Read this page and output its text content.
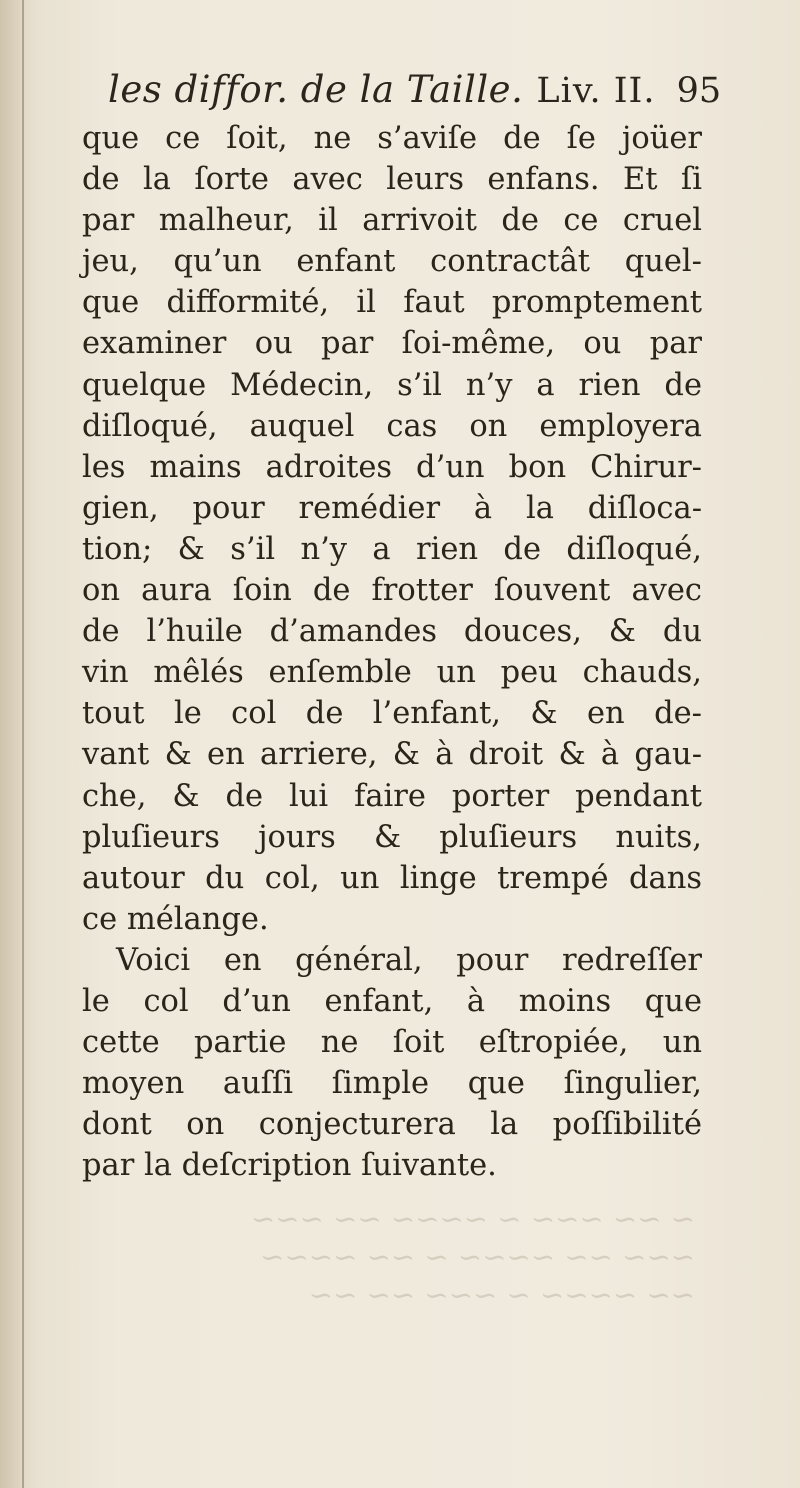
les diffor. de la Taille. Liv. II. 95
que ce ſoit, ne s’aviſe de ſe joüer
de la ſorte avec leurs enfans. Et ſi
par malheur, il arrivoit de ce cruel
jeu, qu’un enfant contractât quel-
que difformité, il faut promptement
examiner ou par ſoi-même, ou par
quelque Médecin, s’il n’y a rien de
diſloqué, auquel cas on employera
les mains adroites d’un bon Chirur-
gien, pour remédier à la diſloca-
tion; & s’il n’y a rien de diſloqué,
on aura ſoin de frotter ſouvent avec
de l’huile d’amandes douces, & du
vin mêlés enſemble un peu chauds,
tout le col de l’enfant, & en de-
vant & en arriere, & à droit & à gau-
che, & de lui faire porter pendant
pluſieurs jours & pluſieurs nuits,
autour du col, un linge trempé dans
ce mélange.
Voici en général, pour redreſſer
le col d’un enfant, à moins que
cette partie ne ſoit eſtropiée, un
moyen auſſi ſimple que ſingulier,
dont on conjecturera la poſſibilité
par la deſcription ſuivante.
~ ~~ ~~~ ~ ~~~~ ~~ ~~~
~~~ ~~ ~~~~ ~ ~~ ~~~~
~~ ~~~~ ~ ~~~ ~~ ~~
